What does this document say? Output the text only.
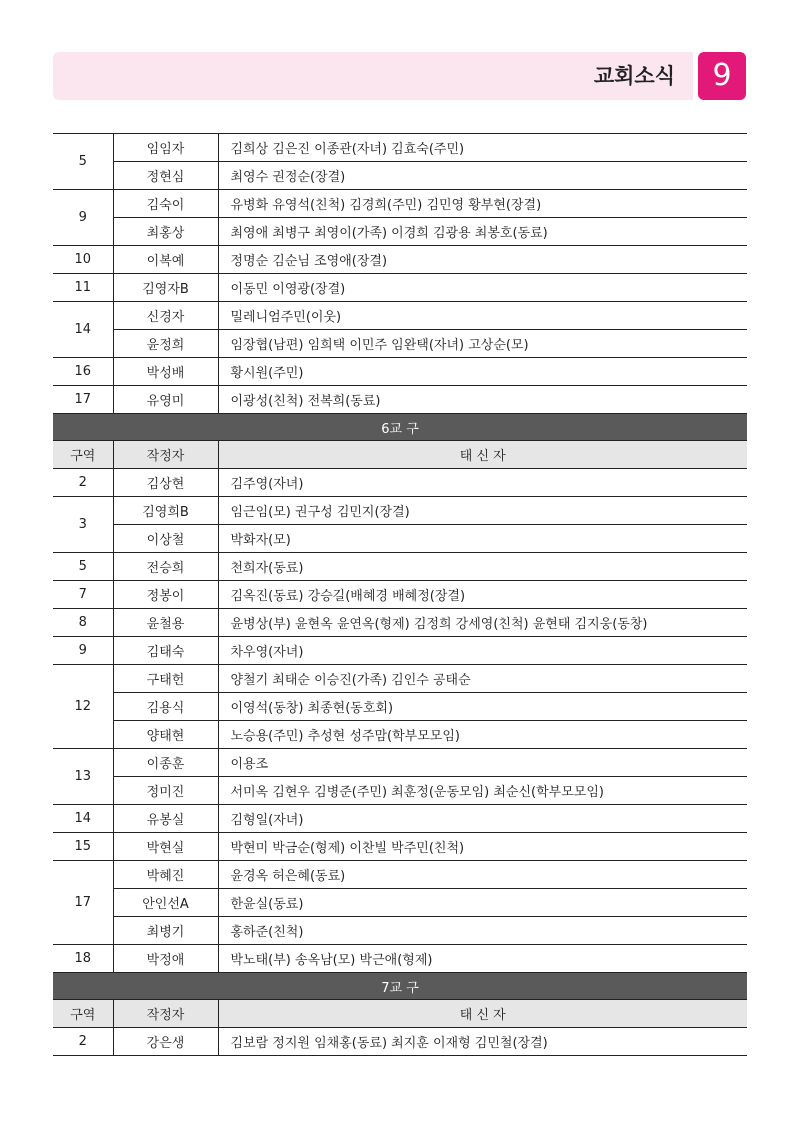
교회소식	9
5	임임자	김희상 김은진 이종관(자녀) 김효숙(주민)
	정현심	최영수 권정순(장결)
9	김숙이	유병화 유영석(친척) 김경희(주민) 김민영 황부현(장결)
	최홍상	최영애 최병구 최영이(가족) 이경희 김광용 최봉호(동료)
10	이복예	정명순 김순님 조영애(장결)
11	김영자B	이동민 이영광(장결)
14	신경자	밀레니엄주민(이웃)
	윤정희	임장협(남편) 임희택 이민주 임완택(자녀) 고상순(모)
16	박성배	황시원(주민)
17	유영미	이광성(친척) 전복희(동료)
6교 구		
구역	작정자	태 신 자
2	김상현	김주영(자녀)
3	김영희B	임근임(모) 권구성 김민지(장결)
	이상철	박화자(모)
5	전승희	천희자(동료)
7	정봉이	김옥진(동료) 강승길(배혜경 배혜정(장결)
8	윤철용	윤병상(부) 윤현옥 윤연옥(형제) 김정희 강세영(친척) 윤현태 김지웅(동창)
9	김태숙	차우영(자녀)
12	구태헌	양철기 최태순 이승진(가족) 김인수 공태순
	김용식	이영석(동창) 최종현(동호회)
	양태현	노승용(주민) 추성현 성주맘(학부모모임)
13	이종훈	이용조
	정미진	서미옥 김현우 김병준(주민) 최훈정(운동모임) 최순신(학부모모임)
14	유봉실	김형일(자녀)
15	박현실	박현미 박금순(형제) 이찬빌 박주민(친척)
17	박혜진	윤경옥 허은혜(동료)
	안인선A	한윤실(동료)
	최병기	홍하준(친척)
18	박정애	박노태(부) 송옥남(모) 박근애(형제)
7교 구		
구역	작정자	태 신 자
2	강은생	김보람 정지원 임채홍(동료) 최지훈 이재형 김민철(장결)
